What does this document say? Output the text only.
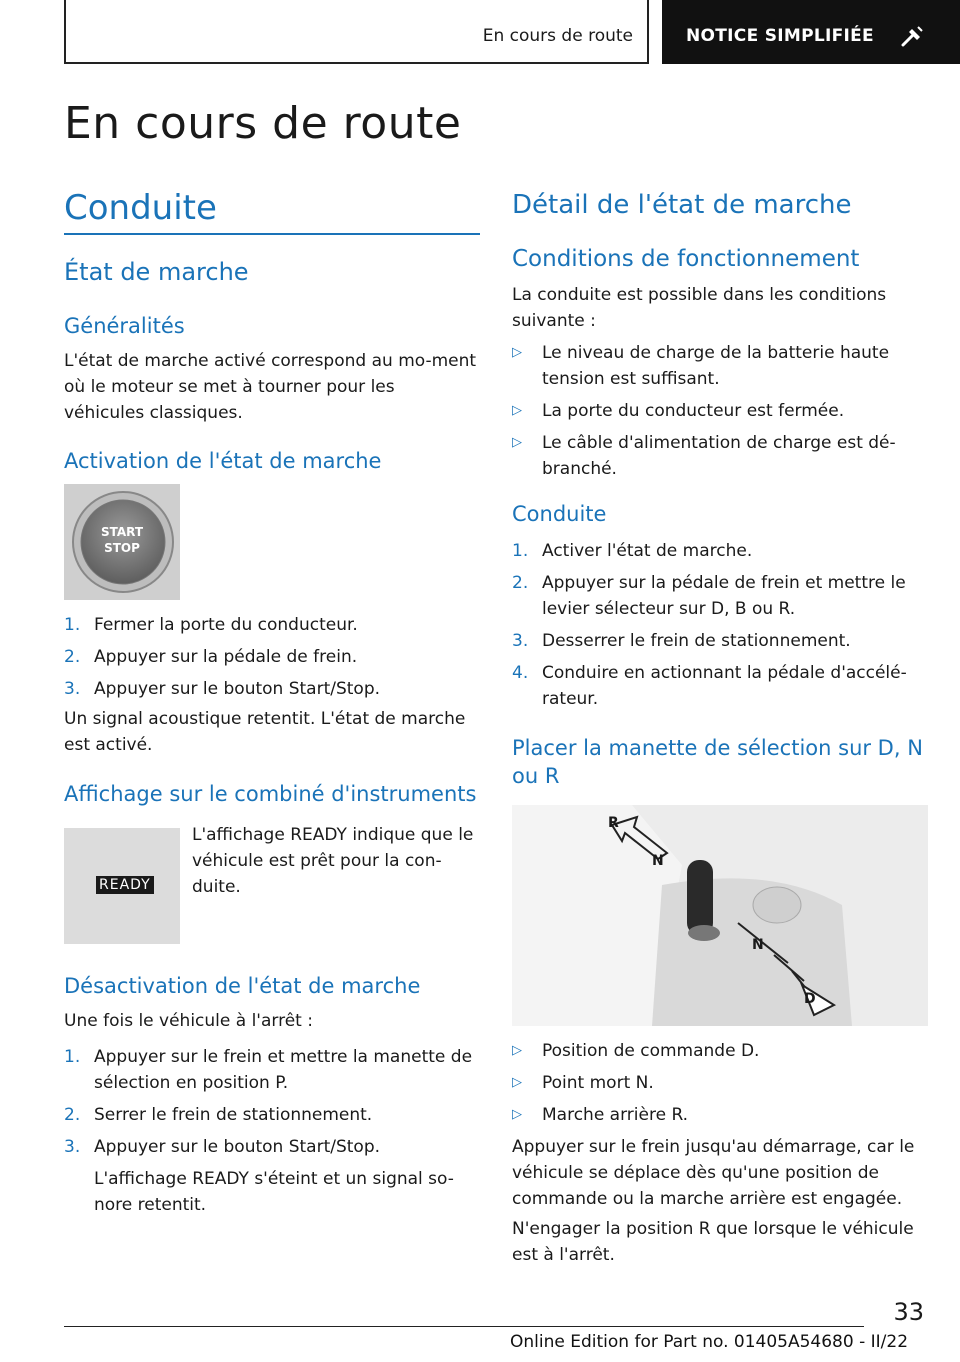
En cours de route	NOTICE SIMPLIFIÉE
En cours de route
Conduite
État de marche
Généralités

L'état de marche activé correspond au mo-ment où le moteur se met à tourner pour les véhicules classiques.

Activation de l'état de marche
START
STOP
1. Fermer la porte du conducteur.
2. Appuyer sur la pédale de frein.
3. Appuyer sur le bouton Start/Stop.

Un signal acoustique retentit. L'état de marche est activé.

Affichage sur le combiné d'instruments
READY

L'affichage READY indique que le véhicule est prêt pour la con-duite.

Désactivation de l'état de marche

Une fois le véhicule à l'arrêt :

1. Appuyer sur le frein et mettre la manette de sélection en position P.
2. Serrer le frein de stationnement.
3. Appuyer sur le bouton Start/Stop.

L'affichage READY s'éteint et un signal so-nore retentit.

Détail de l'état de marche
Conditions de fonctionnement

La conduite est possible dans les conditions suivante :

▷ Le niveau de charge de la batterie haute tension est suffisant.
▷ La porte du conducteur est fermée.
▷ Le câble d'alimentation de charge est dé-branché.
Conduite
1. Activer l'état de marche.
2. Appuyer sur la pédale de frein et mettre le levier sélecteur sur D, B ou R.
3. Desserrer le frein de stationnement.
4. Conduire en actionnant la pédale d'accélé-rateur.
Placer la manette de sélection sur D, N ou R
R
N
N
D
▷ Position de commande D.
▷ Point mort N.
▷ Marche arrière R.

Appuyer sur le frein jusqu'au démarrage, car le véhicule se déplace dès qu'une position de commande ou la marche arrière est engagée.

N'engager la position R que lorsque le véhicule est à l'arrêt.

33
Online Edition for Part no. 01405A54680 - II/22
